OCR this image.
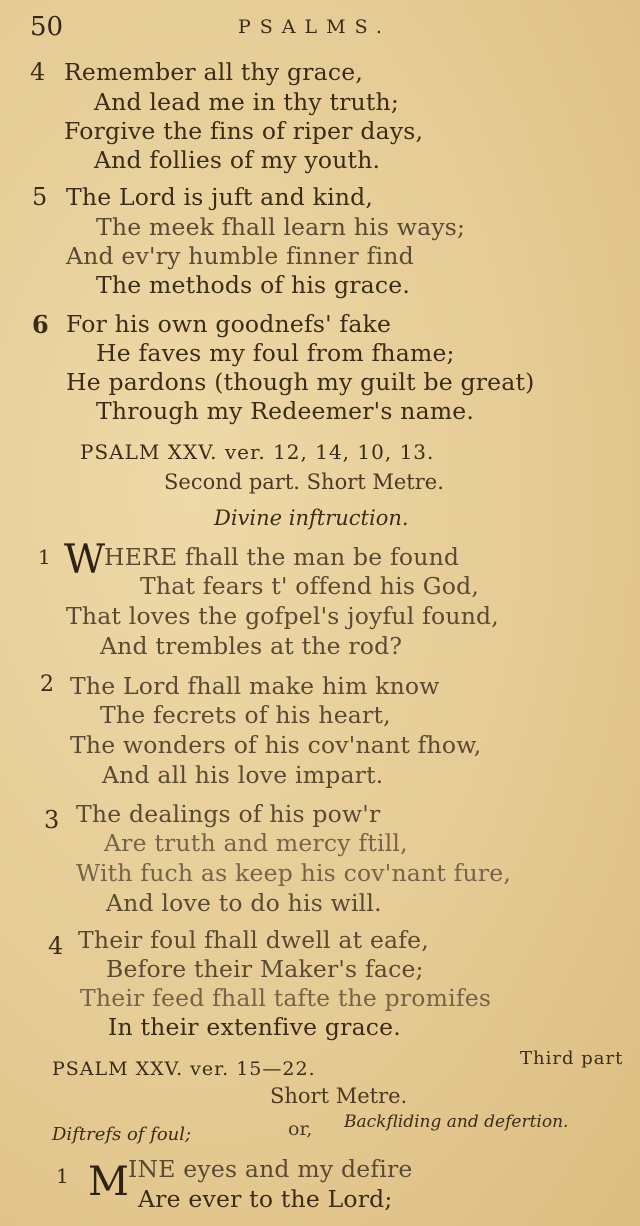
50	PSALMS.
4 Remember all thy grace,
And lead me in thy truth;
Forgive the fins of riper days,
And follies of my youth.
5 The Lord is juft and kind,
The meek fhall learn his ways;
And ev'ry humble finner find
The methods of his grace.
6 For his own goodnefs' fake
He faves my foul from fhame;
He pardons (though my guilt be great)
Through my Redeemer's name.
PSALM XXV. ver. 12, 14, 10, 13.
Second part. Short Metre.
Divine inftruction.
1 W
HERE fhall the man be found
That fears t' offend his God,
That loves the gofpel's joyful found,
And trembles at the rod?
2 The Lord fhall make him know
The fecrets of his heart,
The wonders of his cov'nant fhow,
And all his love impart.
3 The dealings of his pow'r
Are truth and mercy ftill,
With fuch as keep his cov'nant fure,
And love to do his will.
4 Their foul fhall dwell at eafe,
Before their Maker's face;
Their feed fhall tafte the promifes
In their extenfive grace.
PSALM XXV. ver. 15—22.	Third part
Short Metre.
Diftrefs of foul;	or, Backfliding and defertion.
1 M INE eyes and my defire
Are ever to the Lord;
